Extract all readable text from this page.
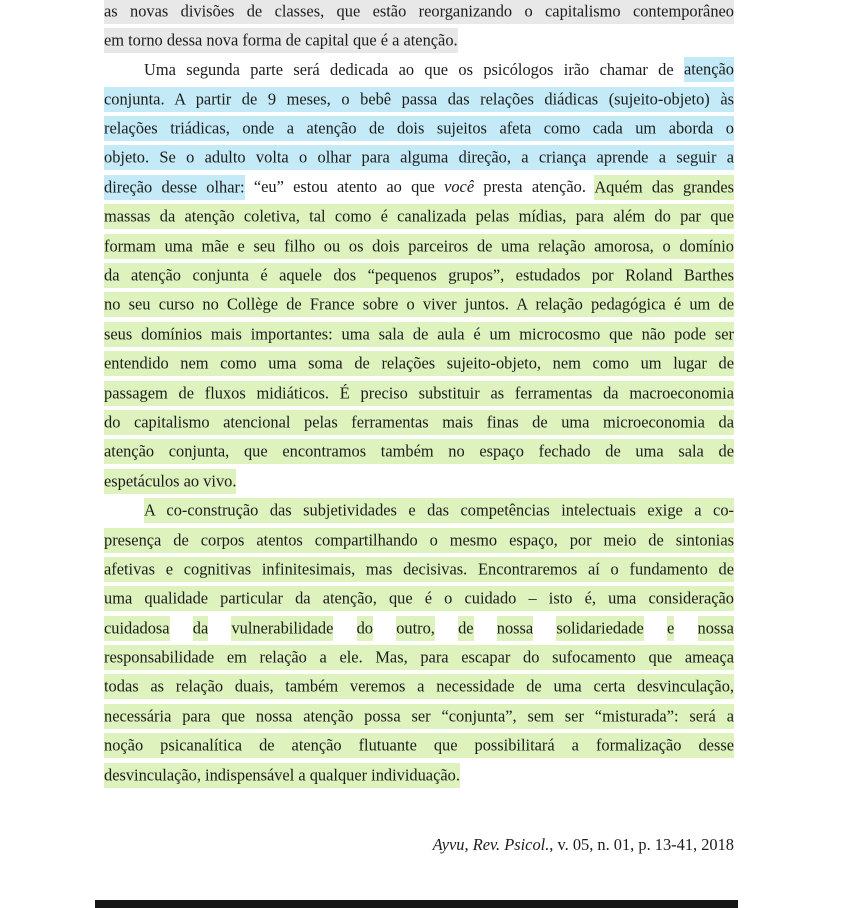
as novas divisões de classes, que estão reorganizando o capitalismo contemporâneo
em torno dessa nova forma de capital que é a atenção.
Uma segunda parte será dedicada ao que os psicólogos irão chamar de atenção
conjunta. A partir de 9 meses, o bebê passa das relações diádicas (sujeito-objeto) às
relações triádicas, onde a atenção de dois sujeitos afeta como cada um aborda o
objeto. Se o adulto volta o olhar para alguma direção, a criança aprende a seguir a
direção desse olhar: “eu” estou atento ao que você presta atenção. Aquém das grandes
massas da atenção coletiva, tal como é canalizada pelas mídias, para além do par que
formam uma mãe e seu filho ou os dois parceiros de uma relação amorosa, o domínio
da atenção conjunta é aquele dos “pequenos grupos”, estudados por Roland Barthes
no seu curso no Collège de France sobre o viver juntos. A relação pedagógica é um de
seus domínios mais importantes: uma sala de aula é um microcosmo que não pode ser
entendido nem como uma soma de relações sujeito-objeto, nem como um lugar de
passagem de fluxos midiáticos. É preciso substituir as ferramentas da macroeconomia
do capitalismo atencional pelas ferramentas mais finas de uma microeconomia da
atenção conjunta, que encontramos também no espaço fechado de uma sala de
espetáculos ao vivo.
A co-construção das subjetividades e das competências intelectuais exige a co-
presença de corpos atentos compartilhando o mesmo espaço, por meio de sintonias
afetivas e cognitivas infinitesimais, mas decisivas. Encontraremos aí o fundamento de
uma qualidade particular da atenção, que é o cuidado – isto é, uma consideração
cuidadosa da vulnerabilidade do outro, de nossa solidariedade e nossa
responsabilidade em relação a ele. Mas, para escapar do sufocamento que ameaça
todas as relação duais, também veremos a necessidade de uma certa desvinculação,
necessária para que nossa atenção possa ser “conjunta”, sem ser “misturada”: será a
noção psicanalítica de atenção flutuante que possibilitará a formalização desse
desvinculação, indispensável a qualquer individuação.
Ayvu, Rev. Psicol., v. 05, n. 01, p. 13-41, 2018
